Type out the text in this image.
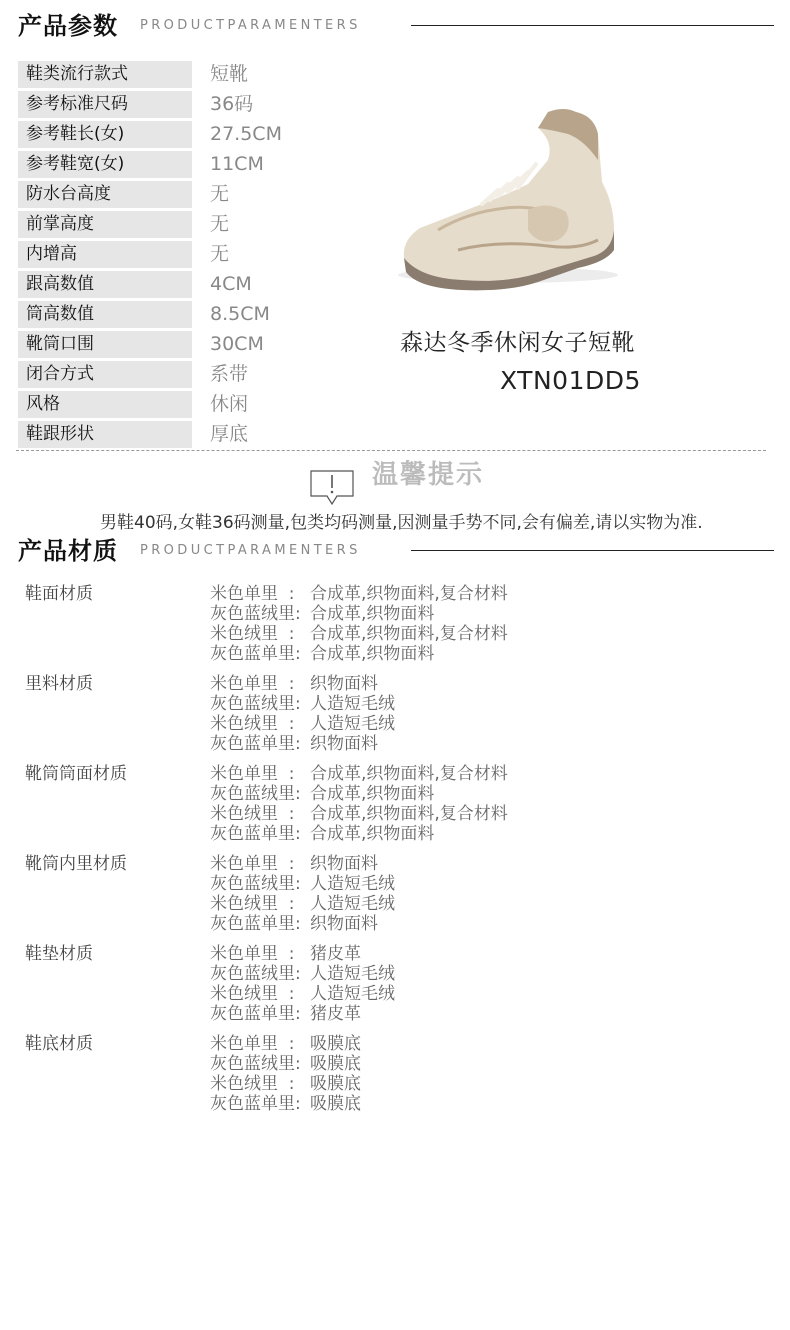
产品参数 PRODUCTPARAMENTERS
鞋类流行款式	短靴
参考标准尺码	36码
参考鞋长(女)	27.5CM
参考鞋宽(女)	11CM
防水台高度	无
前掌高度	无
内增高	无
跟高数值	4CM
筒高数值	8.5CM
靴筒口围	30CM
闭合方式	系带
风格	休闲
鞋跟形状	厚底
森达冬季休闲女子短靴
XTN01DD5
温馨提示
男鞋40码,女鞋36码测量,包类均码测量,因测量手势不同,会有偏差,请以实物为准.
产品材质 PRODUCTPARAMENTERS
鞋面材质	米色单里  : 合成革,织物面料,复合材料
灰色蓝绒里: 合成革,织物面料
米色绒里  : 合成革,织物面料,复合材料
灰色蓝单里: 合成革,织物面料
里料材质	米色单里  : 织物面料
灰色蓝绒里: 人造短毛绒
米色绒里  : 人造短毛绒
灰色蓝单里: 织物面料
靴筒筒面材质	米色单里  : 合成革,织物面料,复合材料
灰色蓝绒里: 合成革,织物面料
米色绒里  : 合成革,织物面料,复合材料
灰色蓝单里: 合成革,织物面料
靴筒内里材质	米色单里  : 织物面料
灰色蓝绒里: 人造短毛绒
米色绒里  : 人造短毛绒
灰色蓝单里: 织物面料
鞋垫材质	米色单里  : 猪皮革
灰色蓝绒里: 人造短毛绒
米色绒里  : 人造短毛绒
灰色蓝单里: 猪皮革
鞋底材质	米色单里  : 吸膜底
灰色蓝绒里: 吸膜底
米色绒里  : 吸膜底
灰色蓝单里: 吸膜底
